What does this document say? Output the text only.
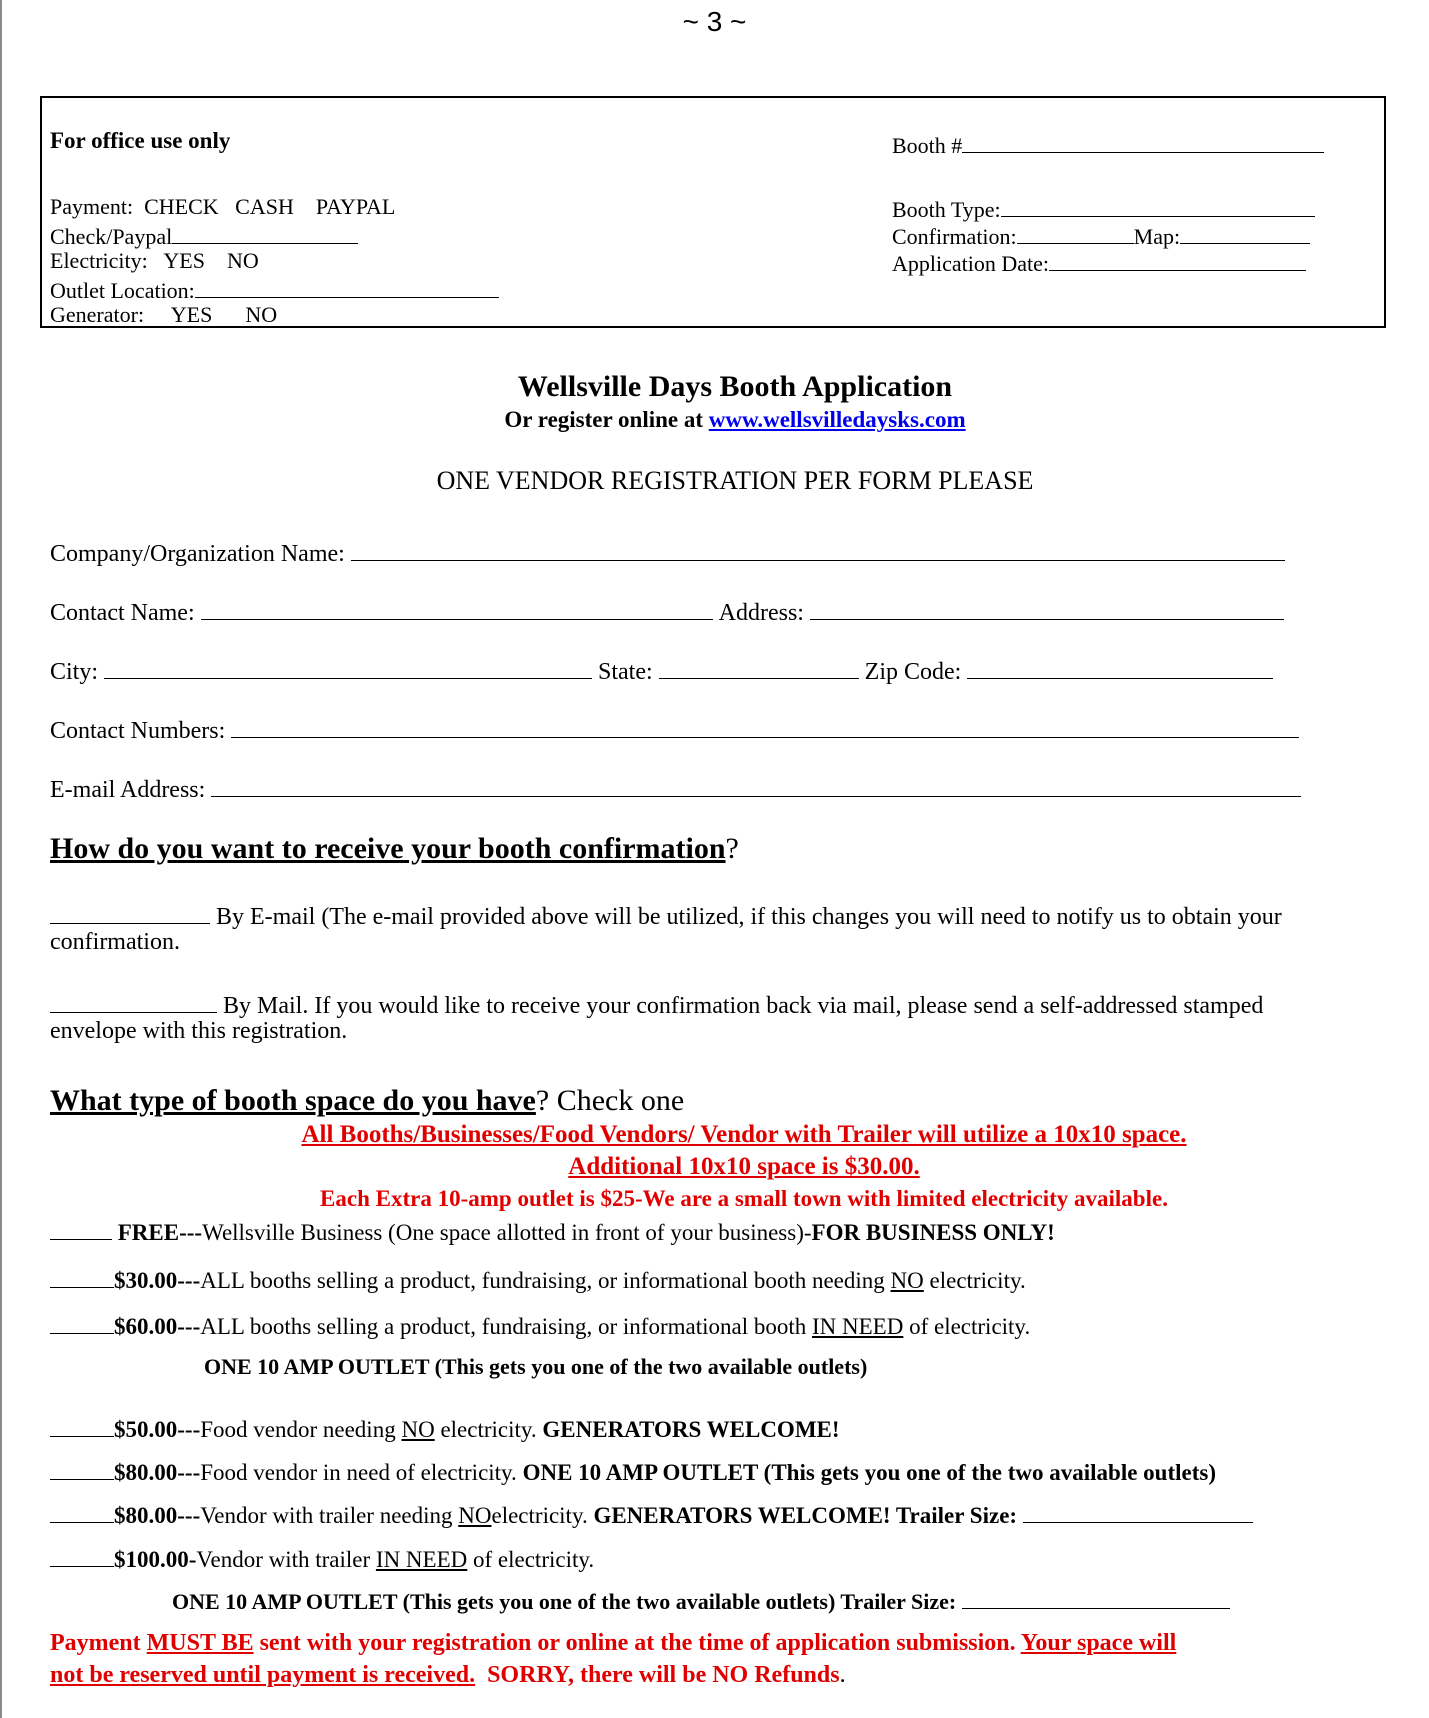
~ 3 ~
For office use only	Booth #
Payment: CHECK CASH PAYPAL
Check/Paypal
Electricity: YES NO
Outlet Location:
Generator: YES NO
Booth Type:
Confirmation:	Map:
Application Date:
Wellsville Days Booth Application
Or register online at www.wellsvilledaysks.com
ONE VENDOR REGISTRATION PER FORM PLEASE
Company/Organization Name:
Contact Name:	Address:
City:	State:	Zip Code:
Contact Numbers:
E-mail Address:
How do you want to receive your booth confirmation?
By E-mail (The e-mail provided above will be utilized, if this changes you will need to notify us to obtain your
confirmation.
By Mail. If you would like to receive your confirmation back via mail, please send a self-addressed stamped
envelope with this registration.
What type of booth space do you have? Check one
All Booths/Businesses/Food Vendors/ Vendor with Trailer will utilize a 10x10 space.
Additional 10x10 space is $30.00.
Each Extra 10-amp outlet is $25-We are a small town with limited electricity available.
FREE---Wellsville Business (One space allotted in front of your business)-FOR BUSINESS ONLY!
$30.00---ALL booths selling a product, fundraising, or informational booth needing NO electricity.
$60.00---ALL booths selling a product, fundraising, or informational booth IN NEED of electricity.
ONE 10 AMP OUTLET (This gets you one of the two available outlets)
$50.00---Food vendor needing NO electricity. GENERATORS WELCOME!
$80.00---Food vendor in need of electricity. ONE 10 AMP OUTLET (This gets you one of the two available outlets)
$80.00---Vendor with trailer needing NOelectricity. GENERATORS WELCOME! Trailer Size:
$100.00-Vendor with trailer IN NEED of electricity.
ONE 10 AMP OUTLET (This gets you one of the two available outlets) Trailer Size:
Payment MUST BE sent with your registration or online at the time of application submission. Your space will
not be reserved until payment is received. SORRY, there will be NO Refunds.
